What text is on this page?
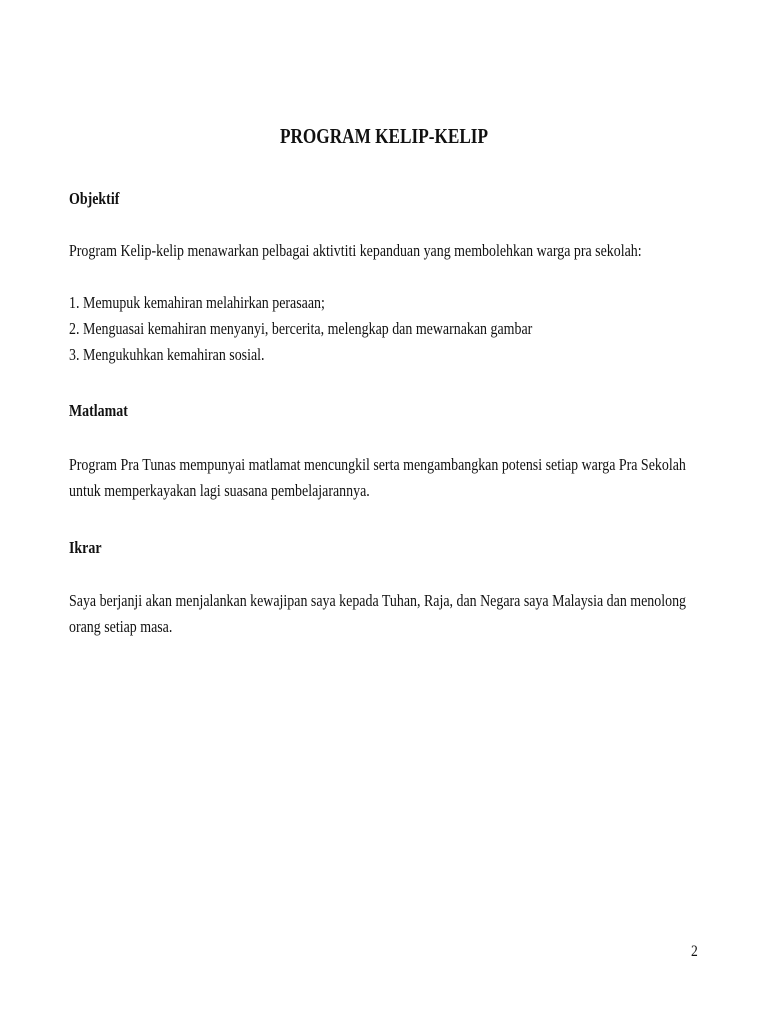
PROGRAM KELIP-KELIP
Objektif
Program Kelip-kelip menawarkan pelbagai aktivtiti kepanduan yang membolehkan warga pra sekolah:
1. Memupuk kemahiran melahirkan perasaan;
2. Menguasai kemahiran menyanyi, bercerita, melengkap dan mewarnakan gambar
3. Mengukuhkan kemahiran sosial.
Matlamat
Program Pra Tunas mempunyai matlamat mencungkil serta mengambangkan potensi setiap warga Pra Sekolah
untuk memperkayakan lagi suasana pembelajarannya.
Ikrar
Saya berjanji akan menjalankan kewajipan saya kepada Tuhan, Raja, dan Negara saya Malaysia dan menolong
orang setiap masa.
2
